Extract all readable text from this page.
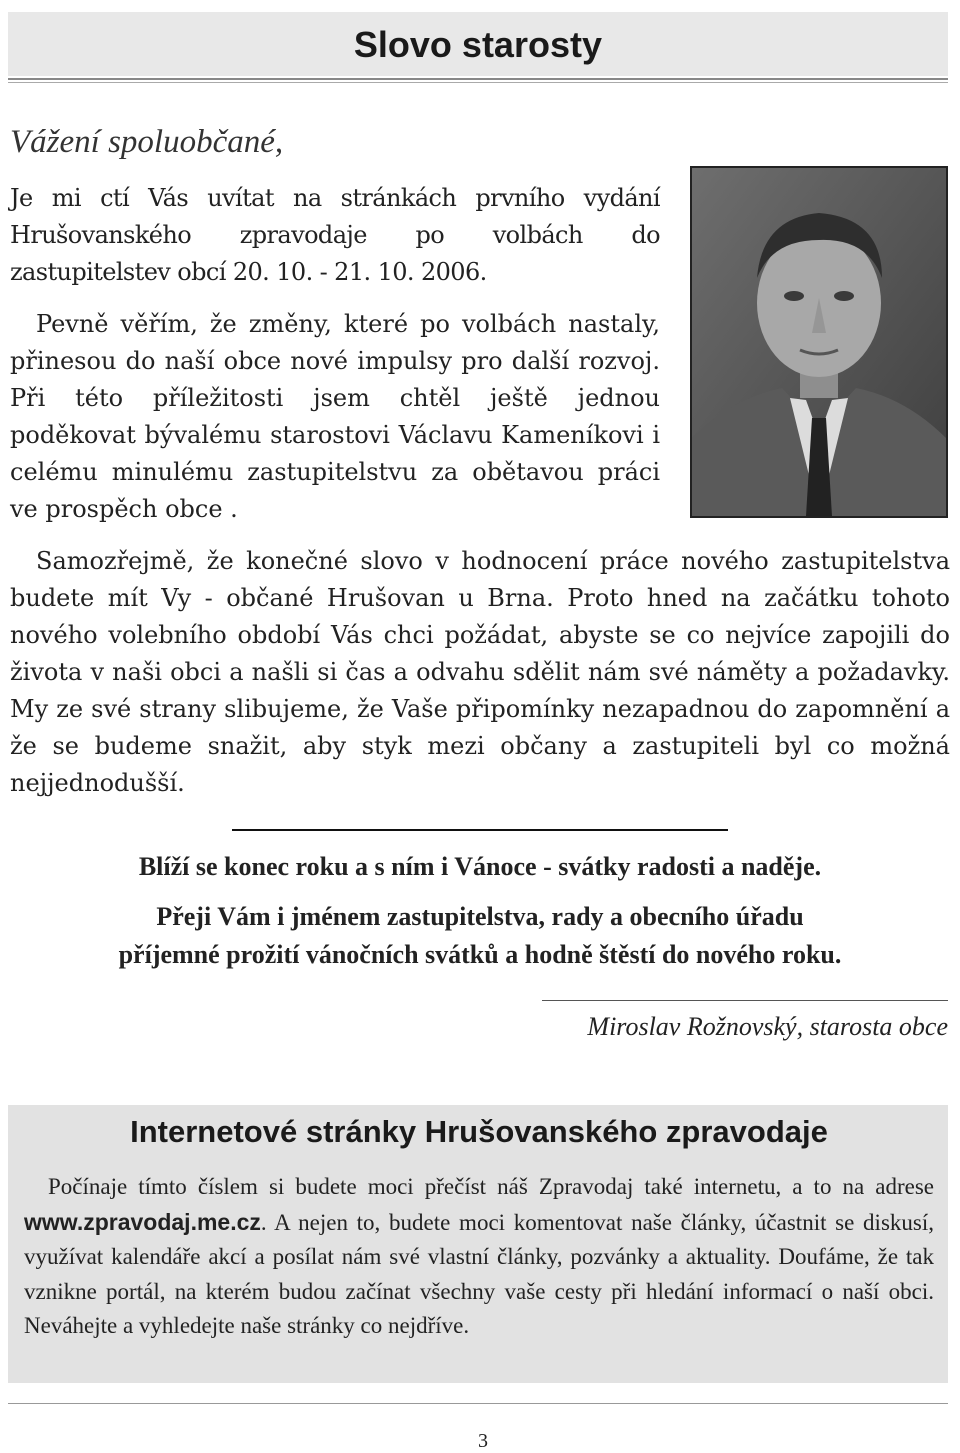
Slovo starosty
Vážení spoluobčané,

Je mi ctí Vás uvítat na stránkách prvního vydání Hrušovanského zpravodaje po volbách do zastupitelstev obcí 20. 10. - 21. 10. 2006.

Pevně věřím, že změny, které po volbách nastaly, přinesou do naší obce nové impulsy pro další rozvoj. Při této příležitosti jsem chtěl ještě jednou poděkovat bývalému starostovi Václavu Kameníkovi i celému minulému zastupitelstvu za obětavou práci ve prospěch obce .

Samozřejmě, že konečné slovo v hodnocení práce nového zastupitelstva budete mít Vy - občané Hrušovan u Brna. Proto hned na začátku tohoto nového volebního období Vás chci požádat, abyste se co nejvíce zapojili do života v naši obci a našli si čas a odvahu sdělit nám své náměty a požadavky. My ze své strany slibujeme, že Vaše připomínky nezapadnou do zapomnění a že se budeme snažit, aby styk mezi občany a zastupiteli byl co možná nejjednodušší.

Blíží se konec roku a s ním i Vánoce - svátky radosti a naděje.
Přeji Vám i jménem zastupitelstva, rady a obecního úřadu
příjemné prožití vánočních svátků a hodně štěstí do nového roku.
Miroslav Rožnovský, starosta obce
Internetové stránky Hrušovanského zpravodaje

Počínaje tímto číslem si budete moci přečíst náš Zpravodaj také internetu, a to na adrese www.zpravodaj.me.cz. A nejen to, budete moci komentovat naše články, účastnit se diskusí, využívat kalendáře akcí a posílat nám své vlastní články, pozvánky a aktuality. Doufáme, že tak vznikne portál, na kterém budou začínat všechny vaše cesty při hledání informací o naší obci. Neváhejte a vyhledejte naše stránky co nejdříve.

3
